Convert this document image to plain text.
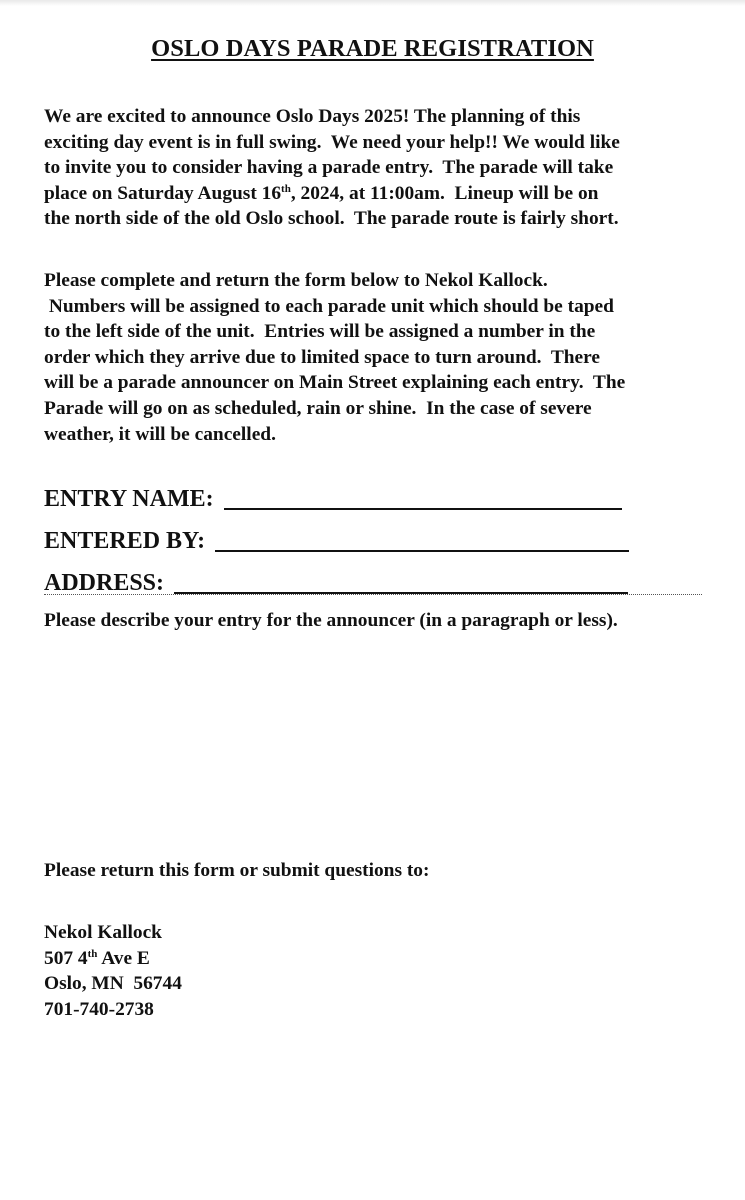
OSLO DAYS PARADE REGISTRATION
We are excited to announce Oslo Days 2025! The planning of this
exciting day event is in full swing.  We need your help!! We would like
to invite you to consider having a parade entry.  The parade will take
place on Saturday August 16th, 2024, at 11:00am.  Lineup will be on
the north side of the old Oslo school.  The parade route is fairly short.
Please complete and return the form below to Nekol Kallock.
Numbers will be assigned to each parade unit which should be taped
to the left side of the unit.  Entries will be assigned a number in the
order which they arrive due to limited space to turn around.  There
will be a parade announcer on Main Street explaining each entry.  The
Parade will go on as scheduled, rain or shine.  In the case of severe
weather, it will be cancelled.
ENTRY NAME:
ENTERED BY:
ADDRESS:
Please describe your entry for the announcer (in a paragraph or less).
Please return this form or submit questions to:
Nekol Kallock
507 4th Ave E
Oslo, MN  56744
701-740-2738
